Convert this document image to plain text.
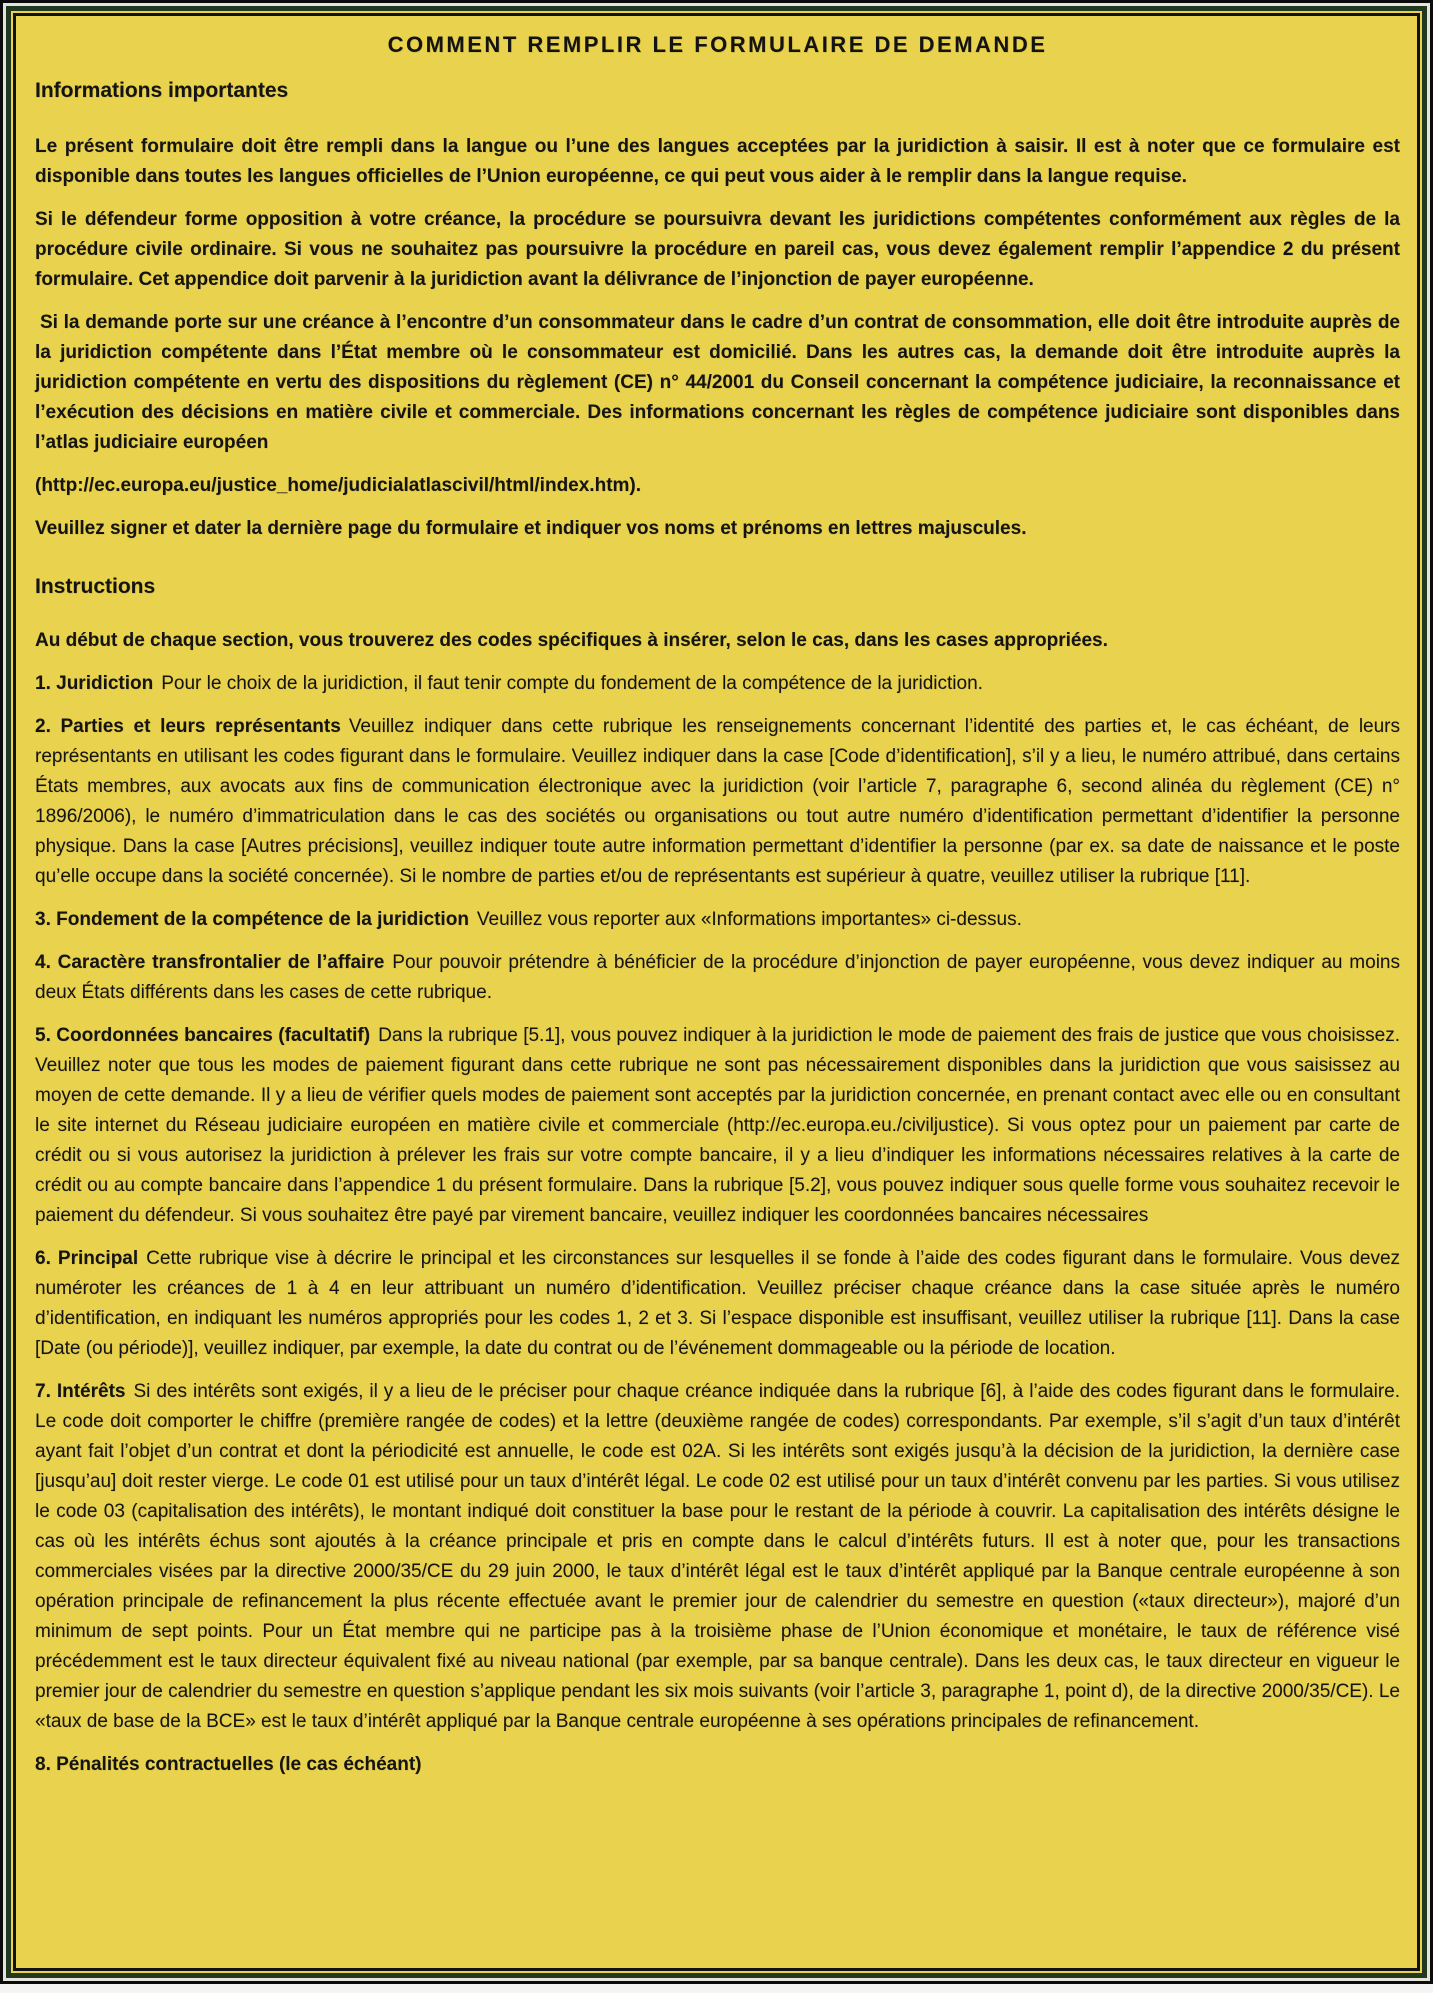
COMMENT REMPLIR LE FORMULAIRE DE DEMANDE
Informations importantes

Le présent formulaire doit être rempli dans la langue ou l’une des langues acceptées par la juridiction à saisir. Il est à noter que ce formulaire est disponible dans toutes les langues officielles de l’Union européenne, ce qui peut vous aider à le remplir dans la langue requise.

Si le défendeur forme opposition à votre créance, la procédure se poursuivra devant les juridictions compétentes conformément aux règles de la procédure civile ordinaire. Si vous ne souhaitez pas poursuivre la procédure en pareil cas, vous devez également remplir l’appendice 2 du présent formulaire. Cet appendice doit parvenir à la juridiction avant la délivrance de l’injonction de payer européenne.

Si la demande porte sur une créance à l’encontre d’un consommateur dans le cadre d’un contrat de consommation, elle doit être introduite auprès de la juridiction compétente dans l’État membre où le consommateur est domicilié. Dans les autres cas, la demande doit être introduite auprès la juridiction compétente en vertu des dispositions du règlement (CE) n° 44/2001 du Conseil concernant la compétence judiciaire, la reconnaissance et l’exécution des décisions en matière civile et commerciale. Des informations concernant les règles de compétence judiciaire sont disponibles dans l’atlas judiciaire européen

(http://ec.europa.eu/justice_home/judicialatlascivil/html/index.htm).

Veuillez signer et dater la dernière page du formulaire et indiquer vos noms et prénoms en lettres majuscules.

Instructions

Au début de chaque section, vous trouverez des codes spécifiques à insérer, selon le cas, dans les cases appropriées.

1. Juridiction Pour le choix de la juridiction, il faut tenir compte du fondement de la compétence de la juridiction.

2. Parties et leurs représentants Veuillez indiquer dans cette rubrique les renseignements concernant l’identité des parties et, le cas échéant, de leurs représentants en utilisant les codes figurant dans le formulaire. Veuillez indiquer dans la case [Code d’identification], s’il y a lieu, le numéro attribué, dans certains États membres, aux avocats aux fins de communication électronique avec la juridiction (voir l’article 7, paragraphe 6, second alinéa du règlement (CE) n° 1896/2006), le numéro d’immatriculation dans le cas des sociétés ou organisations ou tout autre numéro d’identification permettant d’identifier la personne physique. Dans la case [Autres précisions], veuillez indiquer toute autre information permettant d’identifier la personne (par ex. sa date de naissance et le poste qu’elle occupe dans la société concernée). Si le nombre de parties et/ou de représentants est supérieur à quatre, veuillez utiliser la rubrique [11].

3. Fondement de la compétence de la juridiction Veuillez vous reporter aux «Informations importantes» ci-dessus.

4. Caractère transfrontalier de l’affaire Pour pouvoir prétendre à bénéficier de la procédure d’injonction de payer européenne, vous devez indiquer au moins deux États différents dans les cases de cette rubrique.

5. Coordonnées bancaires (facultatif) Dans la rubrique [5.1], vous pouvez indiquer à la juridiction le mode de paiement des frais de justice que vous choisissez. Veuillez noter que tous les modes de paiement figurant dans cette rubrique ne sont pas nécessairement disponibles dans la juridiction que vous saisissez au moyen de cette demande. Il y a lieu de vérifier quels modes de paiement sont acceptés par la juridiction concernée, en prenant contact avec elle ou en consultant le site internet du Réseau judiciaire européen en matière civile et commerciale (http://ec.europa.eu./civiljustice). Si vous optez pour un paiement par carte de crédit ou si vous autorisez la juridiction à prélever les frais sur votre compte bancaire, il y a lieu d’indiquer les informations nécessaires relatives à la carte de crédit ou au compte bancaire dans l’appendice 1 du présent formulaire. Dans la rubrique [5.2], vous pouvez indiquer sous quelle forme vous souhaitez recevoir le paiement du défendeur. Si vous souhaitez être payé par virement bancaire, veuillez indiquer les coordonnées bancaires nécessaires

6. Principal Cette rubrique vise à décrire le principal et les circonstances sur lesquelles il se fonde à l’aide des codes figurant dans le formulaire. Vous devez numéroter les créances de 1 à 4 en leur attribuant un numéro d’identification. Veuillez préciser chaque créance dans la case située après le numéro d’identification, en indiquant les numéros appropriés pour les codes 1, 2 et 3. Si l’espace disponible est insuffisant, veuillez utiliser la rubrique [11]. Dans la case [Date (ou période)], veuillez indiquer, par exemple, la date du contrat ou de l’événement dommageable ou la période de location.

7. Intérêts Si des intérêts sont exigés, il y a lieu de le préciser pour chaque créance indiquée dans la rubrique [6], à l’aide des codes figurant dans le formulaire. Le code doit comporter le chiffre (première rangée de codes) et la lettre (deuxième rangée de codes) correspondants. Par exemple, s’il s’agit d’un taux d’intérêt ayant fait l’objet d’un contrat et dont la périodicité est annuelle, le code est 02A. Si les intérêts sont exigés jusqu’à la décision de la juridiction, la dernière case [jusqu’au] doit rester vierge. Le code 01 est utilisé pour un taux d’intérêt légal. Le code 02 est utilisé pour un taux d’intérêt convenu par les parties. Si vous utilisez le code 03 (capitalisation des intérêts), le montant indiqué doit constituer la base pour le restant de la période à couvrir. La capitalisation des intérêts désigne le cas où les intérêts échus sont ajoutés à la créance principale et pris en compte dans le calcul d’intérêts futurs. Il est à noter que, pour les transactions commerciales visées par la directive 2000/35/CE du 29 juin 2000, le taux d’intérêt légal est le taux d’intérêt appliqué par la Banque centrale européenne à son opération principale de refinancement la plus récente effectuée avant le premier jour de calendrier du semestre en question («taux directeur»), majoré d’un minimum de sept points. Pour un État membre qui ne participe pas à la troisième phase de l’Union économique et monétaire, le taux de référence visé précédemment est le taux directeur équivalent fixé au niveau national (par exemple, par sa banque centrale). Dans les deux cas, le taux directeur en vigueur le premier jour de calendrier du semestre en question s’applique pendant les six mois suivants (voir l’article 3, paragraphe 1, point d), de la directive 2000/35/CE). Le «taux de base de la BCE» est le taux d’intérêt appliqué par la Banque centrale européenne à ses opérations principales de refinancement.

8. Pénalités contractuelles (le cas échéant)
